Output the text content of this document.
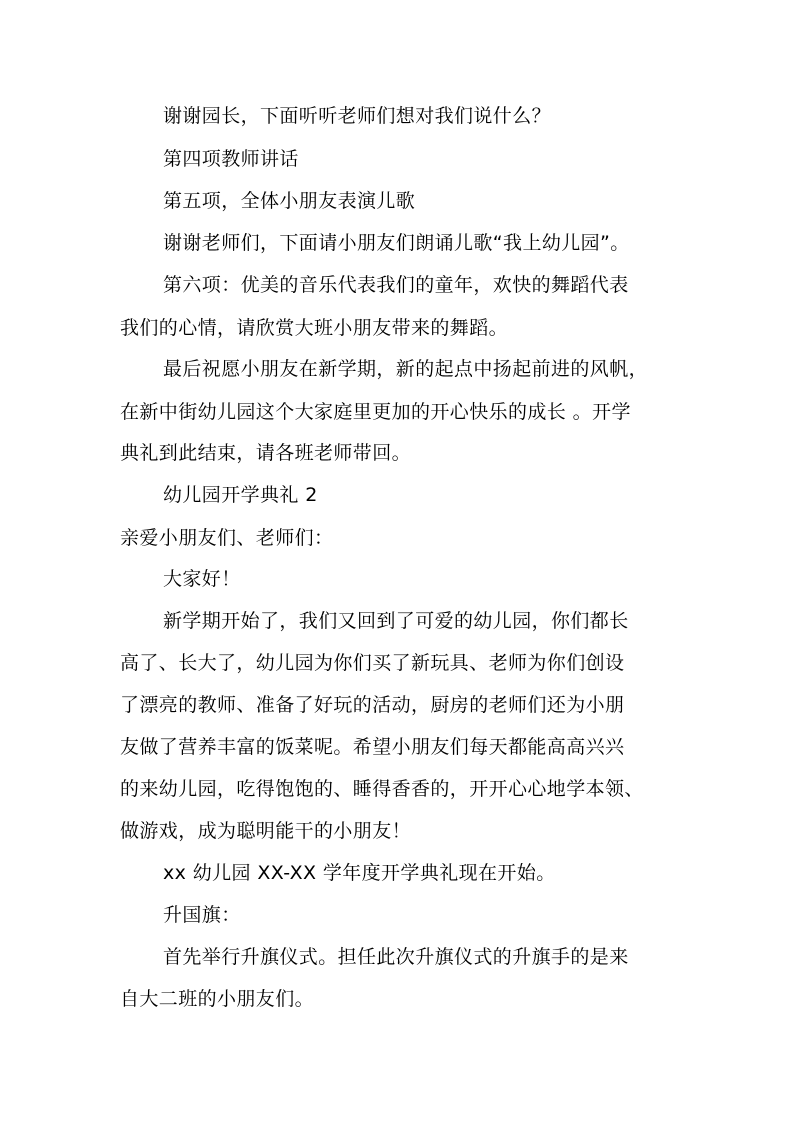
谢谢园长，下面听听老师们想对我们说什么？
第四项教师讲话
第五项，全体小朋友表演儿歌
谢谢老师们，下面请小朋友们朗诵儿歌“我上幼儿园”。
第六项：优美的音乐代表我们的童年，欢快的舞蹈代表
我们的心情，请欣赏大班小朋友带来的舞蹈。
最后祝愿小朋友在新学期，新的起点中扬起前进的风帆，
在新中街幼儿园这个大家庭里更加的开心快乐的成长 。开学
典礼到此结束，请各班老师带回。
幼儿园开学典礼 2
亲爱小朋友们、老师们：
大家好！
新学期开始了，我们又回到了可爱的幼儿园，你们都长
高了、长大了，幼儿园为你们买了新玩具、老师为你们创设
了漂亮的教师、准备了好玩的活动，厨房的老师们还为小朋
友做了营养丰富的饭菜呢。希望小朋友们每天都能高高兴兴
的来幼儿园，吃得饱饱的、睡得香香的，开开心心地学本领、
做游戏，成为聪明能干的小朋友！
xx 幼儿园 XX-XX 学年度开学典礼现在开始。
升国旗：
首先举行升旗仪式。担任此次升旗仪式的升旗手的是来
自大二班的小朋友们。
